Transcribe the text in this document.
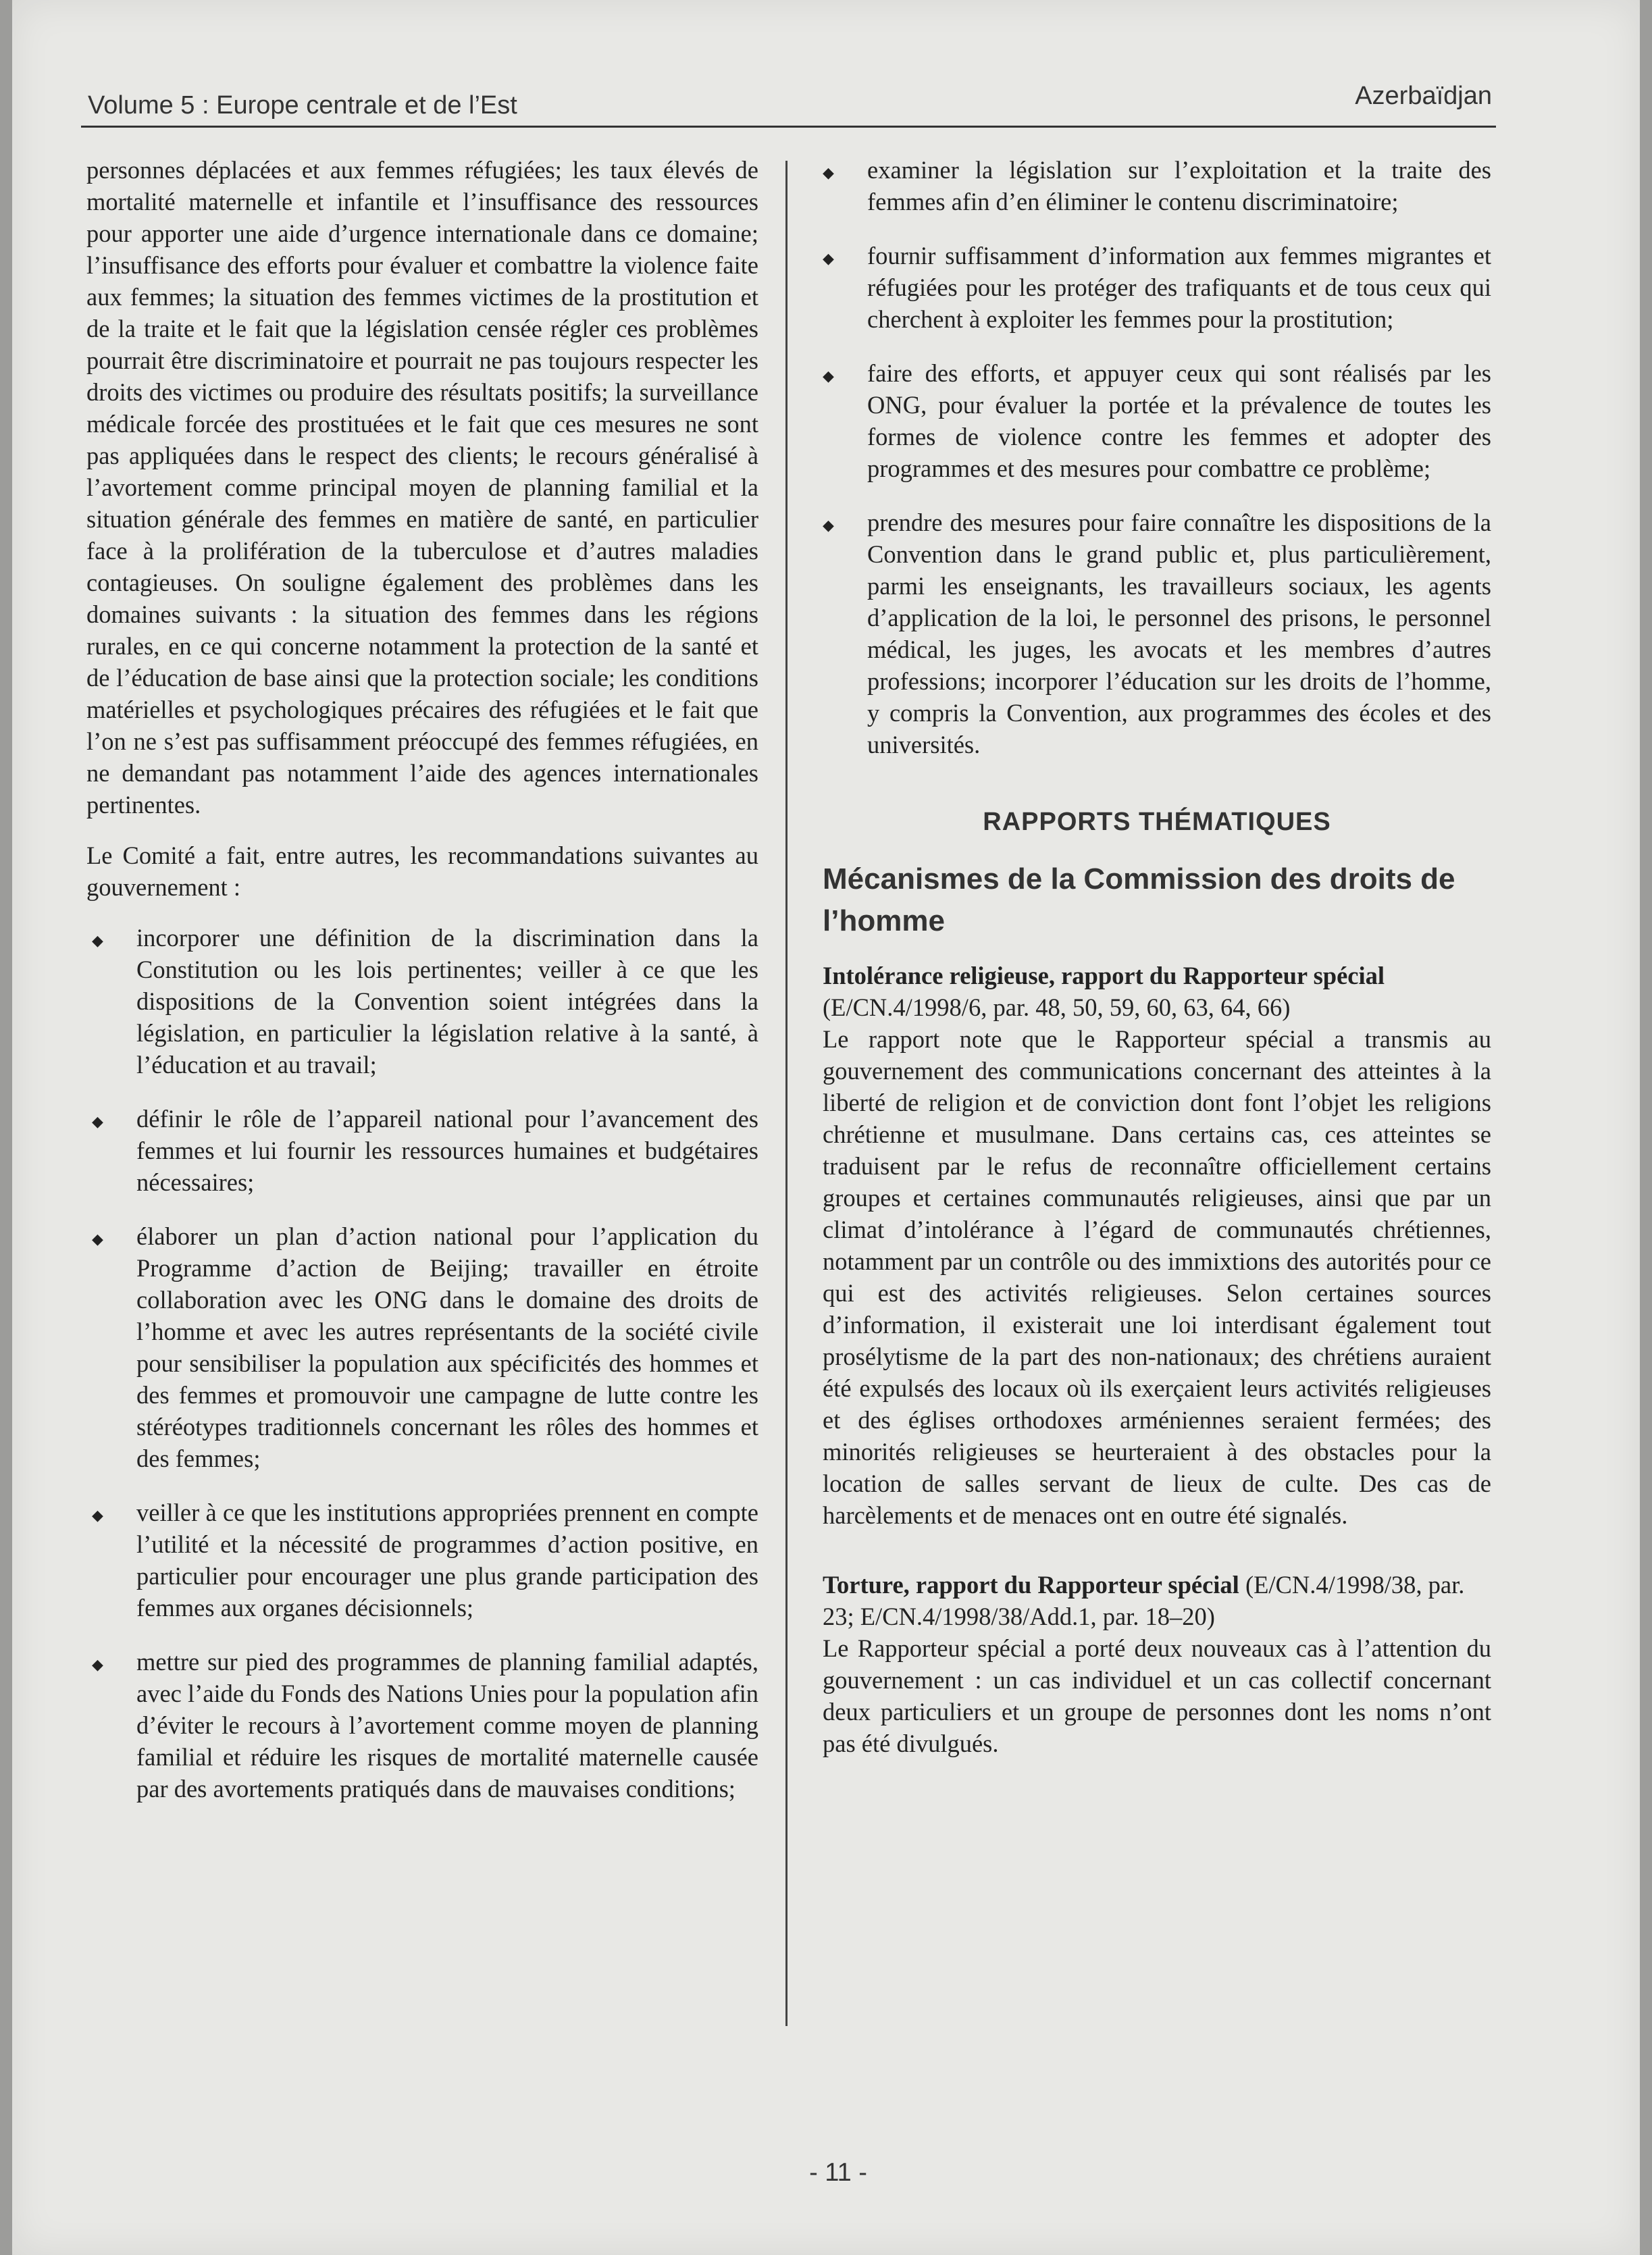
Volume 5 : Europe centrale et de l’Est	Azerbaïdjan

personnes déplacées et aux femmes réfugiées; les taux élevés de mortalité maternelle et infantile et l’insuffisance des ressources pour apporter une aide d’urgence internationale dans ce domaine; l’insuffisance des efforts pour évaluer et combattre la violence faite aux femmes; la situation des femmes victimes de la prostitution et de la traite et le fait que la législation censée régler ces problèmes pourrait être discriminatoire et pourrait ne pas toujours respecter les droits des victimes ou produire des résultats positifs; la surveillance médicale forcée des prostituées et le fait que ces mesures ne sont pas appliquées dans le respect des clients; le recours généralisé à l’avortement comme principal moyen de planning familial et la situation générale des femmes en matière de santé, en particulier face à la prolifération de la tuberculose et d’autres maladies contagieuses. On souligne également des problèmes dans les domaines suivants : la situation des femmes dans les régions rurales, en ce qui concerne notamment la protection de la santé et de l’éducation de base ainsi que la protection sociale; les conditions matérielles et psychologiques précaires des réfugiées et le fait que l’on ne s’est pas suffisamment préoccupé des femmes réfugiées, en ne demandant pas notamment l’aide des agences internationales pertinentes.

Le Comité a fait, entre autres, les recommandations suivantes au gouvernement :

◆ incorporer une définition de la discrimination dans la Constitution ou les lois pertinentes; veiller à ce que les dispositions de la Convention soient intégrées dans la législation, en particulier la législation relative à la santé, à l’éducation et au travail;
◆ définir le rôle de l’appareil national pour l’avancement des femmes et lui fournir les ressources humaines et budgétaires nécessaires;
◆ élaborer un plan d’action national pour l’application du Programme d’action de Beijing; travailler en étroite collaboration avec les ONG dans le domaine des droits de l’homme et avec les autres représentants de la société civile pour sensibiliser la population aux spécificités des hommes et des femmes et promouvoir une campagne de lutte contre les stéréotypes traditionnels concernant les rôles des hommes et des femmes;
◆ veiller à ce que les institutions appropriées prennent en compte l’utilité et la nécessité de programmes d’action positive, en particulier pour encourager une plus grande participation des femmes aux organes décisionnels;
◆ mettre sur pied des programmes de planning familial adaptés, avec l’aide du Fonds des Nations Unies pour la population afin d’éviter le recours à l’avortement comme moyen de planning familial et réduire les risques de mortalité maternelle causée par des avortements pratiqués dans de mauvaises conditions;
◆ examiner la législation sur l’exploitation et la traite des femmes afin d’en éliminer le contenu discriminatoire;
◆ fournir suffisamment d’information aux femmes migrantes et réfugiées pour les protéger des trafiquants et de tous ceux qui cherchent à exploiter les femmes pour la prostitution;
◆ faire des efforts, et appuyer ceux qui sont réalisés par les ONG, pour évaluer la portée et la prévalence de toutes les formes de violence contre les femmes et adopter des programmes et des mesures pour combattre ce problème;
◆ prendre des mesures pour faire connaître les dispositions de la Convention dans le grand public et, plus particulièrement, parmi les enseignants, les travailleurs sociaux, les agents d’application de la loi, le personnel des prisons, le personnel médical, les juges, les avocats et les membres d’autres professions; incorporer l’éducation sur les droits de l’homme, y compris la Convention, aux programmes des écoles et des universités.
RAPPORTS THÉMATIQUES
Mécanismes de la Commission des droits de l’homme

Intolérance religieuse, rapport du Rapporteur spécial (E/CN.4/1998/6, par. 48, 50, 59, 60, 63, 64, 66)

Le rapport note que le Rapporteur spécial a transmis au gouvernement des communications concernant des atteintes à la liberté de religion et de conviction dont font l’objet les religions chrétienne et musulmane. Dans certains cas, ces atteintes se traduisent par le refus de reconnaître officiellement certains groupes et certaines communautés religieuses, ainsi que par un climat d’intolérance à l’égard de communautés chrétiennes, notamment par un contrôle ou des immixtions des autorités pour ce qui est des activités religieuses. Selon certaines sources d’information, il existerait une loi interdisant également tout prosélytisme de la part des non-nationaux; des chrétiens auraient été expulsés des locaux où ils exerçaient leurs activités religieuses et des églises orthodoxes arméniennes seraient fermées; des minorités religieuses se heurteraient à des obstacles pour la location de salles servant de lieux de culte. Des cas de harcèlements et de menaces ont en outre été signalés.

Torture, rapport du Rapporteur spécial (E/CN.4/1998/38, par. 23; E/CN.4/1998/38/Add.1, par. 18–20)

Le Rapporteur spécial a porté deux nouveaux cas à l’attention du gouvernement : un cas individuel et un cas collectif concernant deux particuliers et un groupe de personnes dont les noms n’ont pas été divulgués.

- 11 -
